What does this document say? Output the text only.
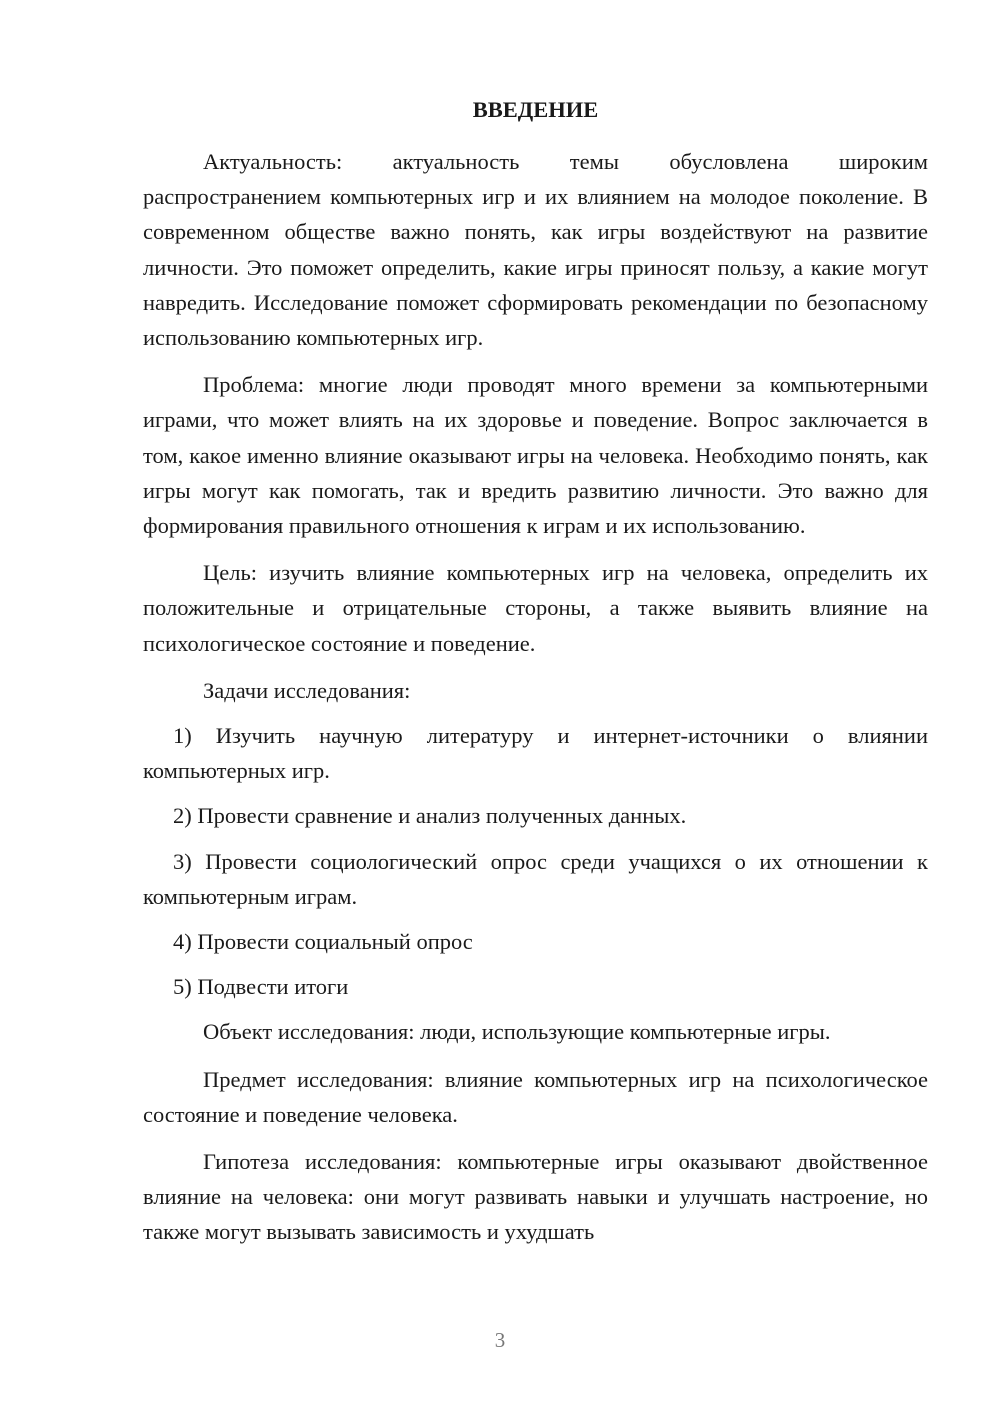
ВВЕДЕНИЕ

Актуальность: актуальность темы обусловлена широким распространением компьютерных игр и их влиянием на молодое поколение. В современном обществе важно понять, как игры воздействуют на развитие личности. Это поможет определить, какие игры приносят пользу, а какие могут навредить. Исследование поможет сформировать рекомендации по безопасному использованию компьютерных игр.

Проблема: многие люди проводят много времени за компьютерными играми, что может влиять на их здоровье и поведение. Вопрос заключается в том, какое именно влияние оказывают игры на человека. Необходимо понять, как игры могут как помогать, так и вредить развитию личности. Это важно для формирования правильного отношения к играм и их использованию.

Цель: изучить влияние компьютерных игр на человека, определить их положительные и отрицательные стороны, а также выявить влияние на психологическое состояние и поведение.

Задачи исследования:

1) Изучить научную литературу и интернет-источники о влиянии компьютерных игр.

2) Провести сравнение и анализ полученных данных.

3) Провести социологический опрос среди учащихся о их отношении к компьютерным играм.

4) Провести социальный опрос

5) Подвести итоги

Объект исследования: люди, использующие компьютерные игры.

Предмет исследования: влияние компьютерных игр на психологическое состояние и поведение человека.

Гипотеза исследования: компьютерные игры оказывают двойственное влияние на человека: они могут развивать навыки и улучшать настроение, но также могут вызывать зависимость и ухудшать

3
